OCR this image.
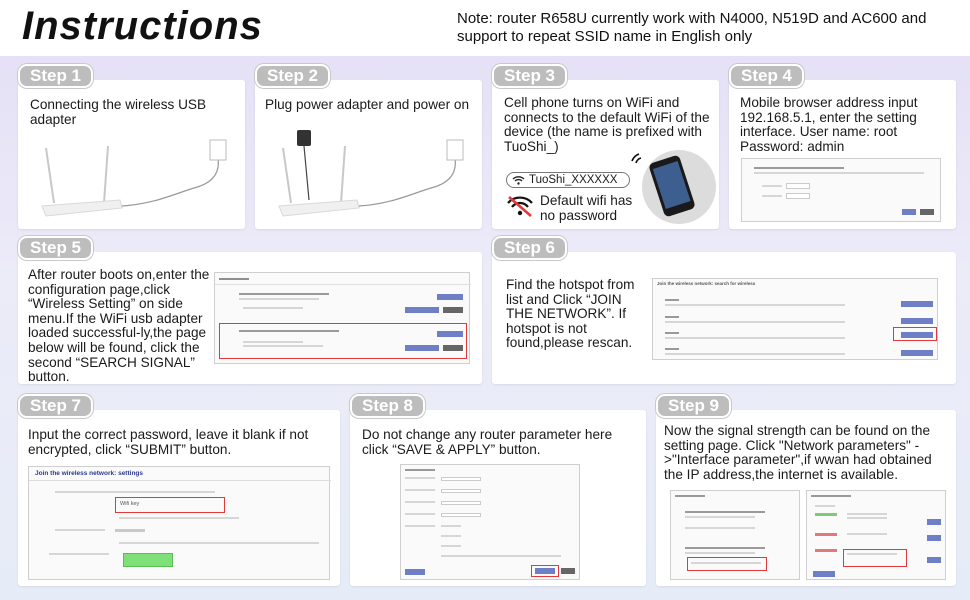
Instructions	Note: router R658U currently work with N4000, N519D and AC600 and support to repeat SSID name in English only
Connecting the wireless USB adapter
Step 1
Plug power adapter and power on
Step 2
Cell phone turns on WiFi and connects to the default WiFi of the device (the name is prefixed with TuoShi_)
TuoShi_XXXXXX
Default wifi has no password
Step 3
Mobile browser address input 192.168.5.1, enter the setting interface. User name: root Password: admin
Step 4
After router boots on,enter the configuration page,click “Wireless Setting” on side menu.If the WiFi usb adapter loaded successful-ly,the page below will be found, click the second “SEARCH SIGNAL” button.
Step 5
Find the hotspot from list and Click “JOIN THE NETWORK”. If hotspot is not found,please rescan.
Join the wireless network: search for wireless
Step 6
Input the correct password, leave it blank if not encrypted, click “SUBMIT” button.
Join the wireless network: settings
Wifi key
Step 7
Do not change any router parameter here click “SAVE & APPLY” button.
Step 8
Now the signal strength can be found on the setting page. Click "Network parameters" ->"Interface parameter",if wwan had obtained the IP address,the internet is available.
Step 9
